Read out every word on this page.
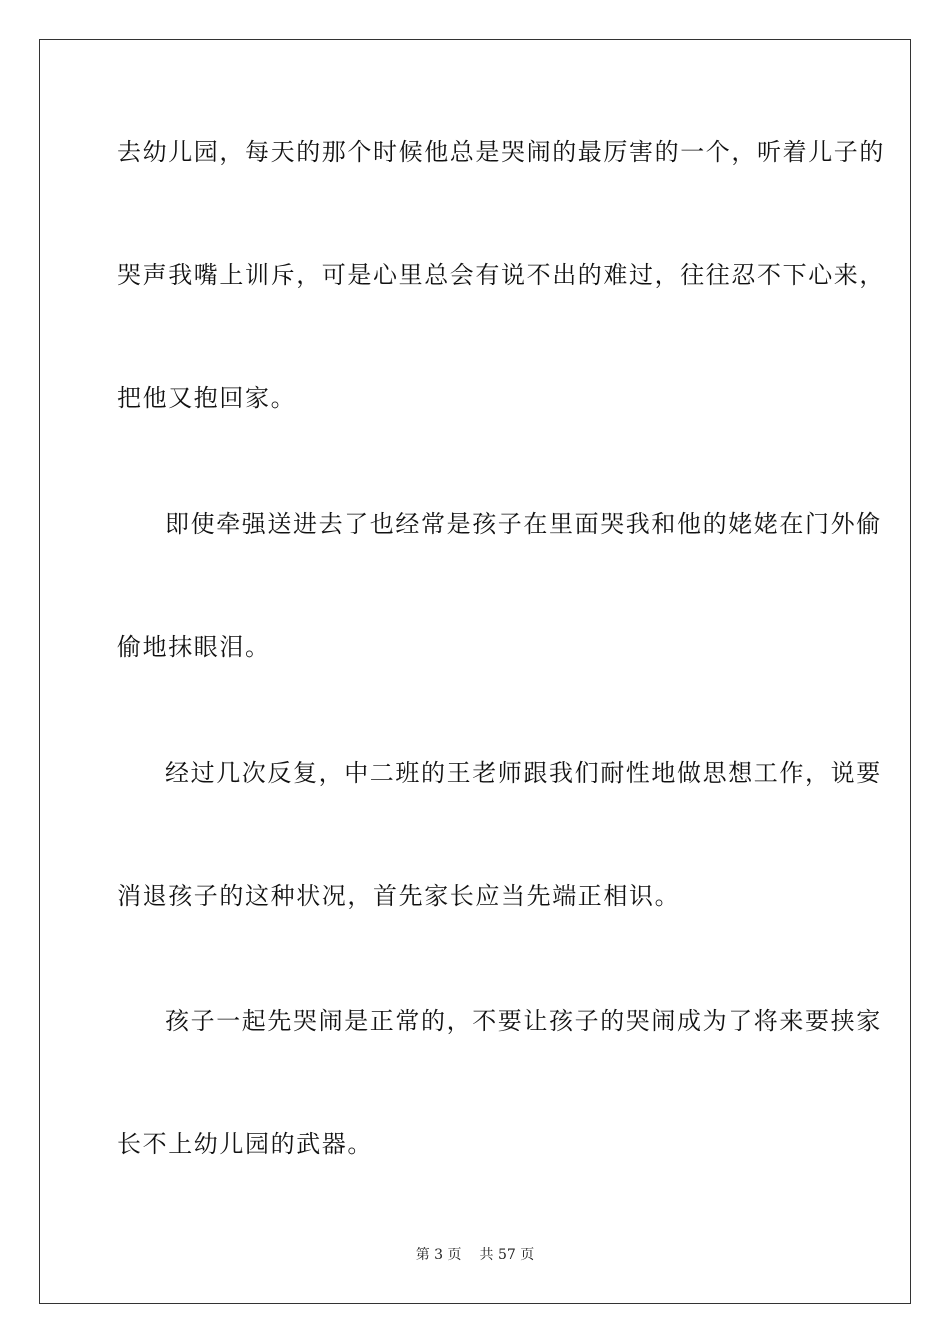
去幼儿园，每天的那个时候他总是哭闹的最厉害的一个，听着儿子的
哭声我嘴上训斥，可是心里总会有说不出的难过，往往忍不下心来，
把他又抱回家。
即使牵强送进去了也经常是孩子在里面哭我和他的姥姥在门外偷
偷地抹眼泪。
经过几次反复，中二班的王老师跟我们耐性地做思想工作，说要
消退孩子的这种状况，首先家长应当先端正相识。
孩子一起先哭闹是正常的，不要让孩子的哭闹成为了将来要挟家
长不上幼儿园的武器。
第 3 页 共 57 页
